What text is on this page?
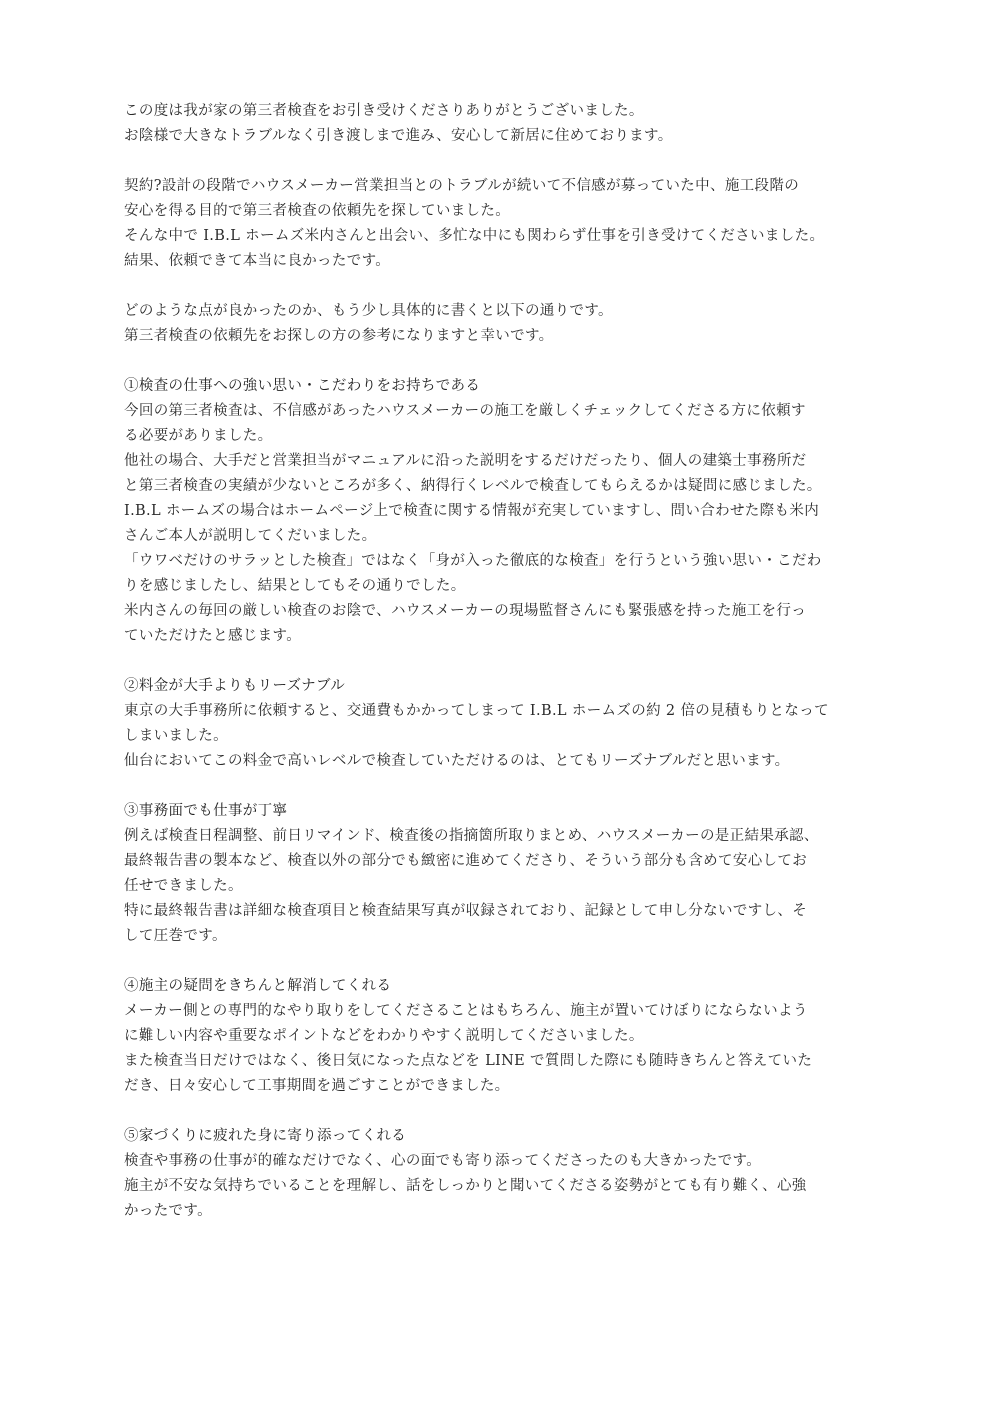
この度は我が家の第三者検査をお引き受けくださりありがとうございました。
お陰様で大きなトラブルなく引き渡しまで進み、安心して新居に住めております。
契約?設計の段階でハウスメーカー営業担当とのトラブルが続いて不信感が募っていた中、施工段階の
安心を得る目的で第三者検査の依頼先を探していました。
そんな中で I.B.L ホームズ米内さんと出会い、多忙な中にも関わらず仕事を引き受けてくださいました。
結果、依頼できて本当に良かったです。
どのような点が良かったのか、もう少し具体的に書くと以下の通りです。
第三者検査の依頼先をお探しの方の参考になりますと幸いです。
①検査の仕事への強い思い・こだわりをお持ちである
今回の第三者検査は、不信感があったハウスメーカーの施工を厳しくチェックしてくださる方に依頼す
る必要がありました。
他社の場合、大手だと営業担当がマニュアルに沿った説明をするだけだったり、個人の建築士事務所だ
と第三者検査の実績が少ないところが多く、納得行くレベルで検査してもらえるかは疑問に感じました。
I.B.L ホームズの場合はホームページ上で検査に関する情報が充実していますし、問い合わせた際も米内
さんご本人が説明してくだいました。
「ウワベだけのサラッとした検査」ではなく「身が入った徹底的な検査」を行うという強い思い・こだわ
りを感じましたし、結果としてもその通りでした。
米内さんの毎回の厳しい検査のお陰で、ハウスメーカーの現場監督さんにも緊張感を持った施工を行っ
ていただけたと感じます。
②料金が大手よりもリーズナブル
東京の大手事務所に依頼すると、交通費もかかってしまって I.B.L ホームズの約 2 倍の見積もりとなって
しまいました。
仙台においてこの料金で高いレベルで検査していただけるのは、とてもリーズナブルだと思います。
③事務面でも仕事が丁寧
例えば検査日程調整、前日リマインド、検査後の指摘箇所取りまとめ、ハウスメーカーの是正結果承認、
最終報告書の製本など、検査以外の部分でも緻密に進めてくださり、そういう部分も含めて安心してお
任せできました。
特に最終報告書は詳細な検査項目と検査結果写真が収録されており、記録として申し分ないですし、そ
して圧巻です。
④施主の疑問をきちんと解消してくれる
メーカー側との専門的なやり取りをしてくださることはもちろん、施主が置いてけぼりにならないよう
に難しい内容や重要なポイントなどをわかりやすく説明してくださいました。
また検査当日だけではなく、後日気になった点などを LINE で質問した際にも随時きちんと答えていた
だき、日々安心して工事期間を過ごすことができました。
⑤家づくりに疲れた身に寄り添ってくれる
検査や事務の仕事が的確なだけでなく、心の面でも寄り添ってくださったのも大きかったです。
施主が不安な気持ちでいることを理解し、話をしっかりと聞いてくださる姿勢がとても有り難く、心強
かったです。
